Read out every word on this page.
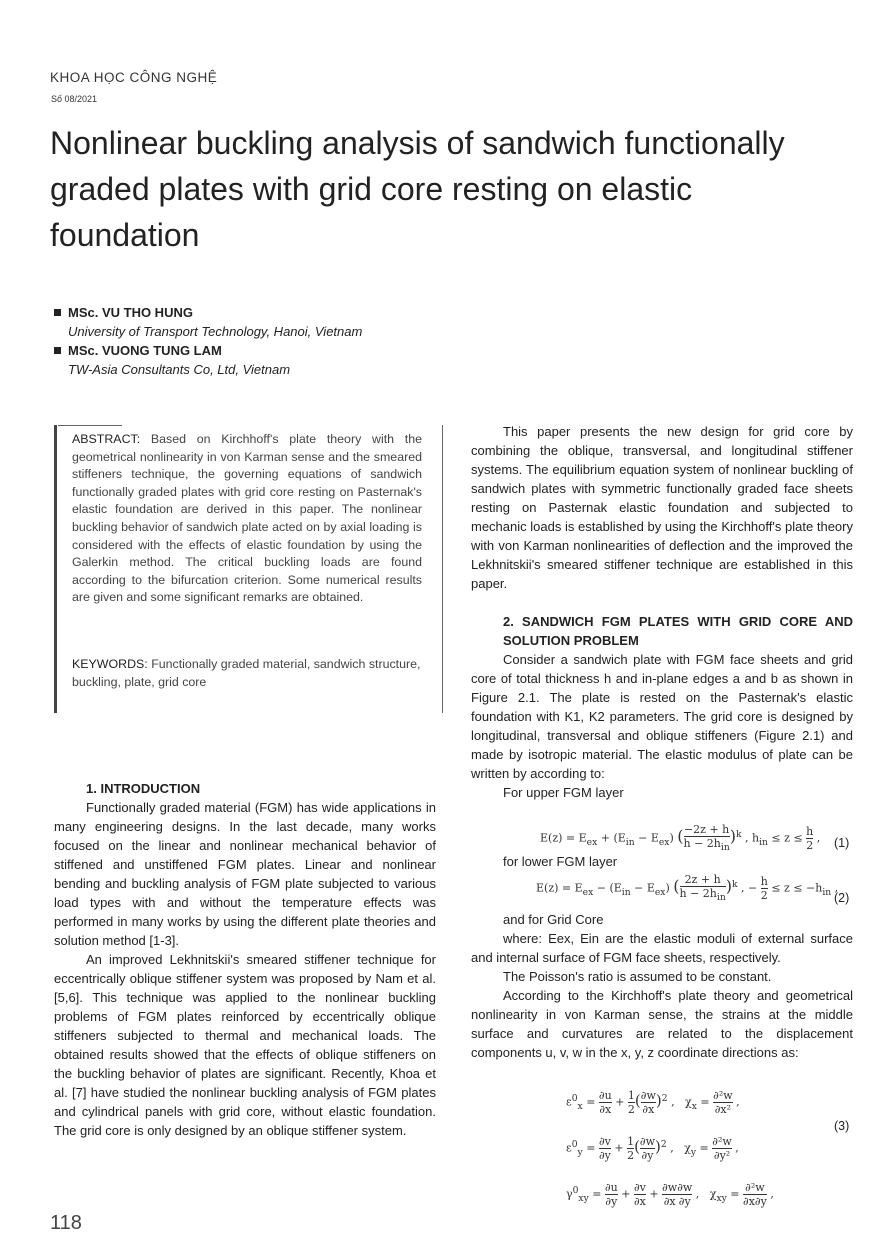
KHOA HỌC CÔNG NGHỆ
Số 08/2021
Nonlinear buckling analysis of sandwich functionally graded plates with grid core resting on elastic foundation
MSc. VU THO HUNG
University of Transport Technology, Hanoi, Vietnam
MSc. VUONG TUNG LAM
TW-Asia Consultants Co, Ltd, Vietnam
ABSTRACT: Based on Kirchhoff's plate theory with the geometrical nonlinearity in von Karman sense and the smeared stiffeners technique, the governing equations of sandwich functionally graded plates with grid core resting on Pasternak's elastic foundation are derived in this paper. The nonlinear buckling behavior of sandwich plate acted on by axial loading is considered with the effects of elastic foundation by using the Galerkin method. The critical buckling loads are found according to the bifurcation criterion. Some numerical results are given and some significant remarks are obtained.
KEYWORDS: Functionally graded material, sandwich structure, buckling, plate, grid core
1. INTRODUCTION

Functionally graded material (FGM) has wide applications in many engineering designs. In the last decade, many works focused on the linear and nonlinear mechanical behavior of stiffened and unstiffened FGM plates. Linear and nonlinear bending and buckling analysis of FGM plate subjected to various load types with and without the temperature effects was performed in many works by using the different plate theories and solution method [1-3].

An improved Lekhnitskii's smeared stiffener technique for eccentrically oblique stiffener system was proposed by Nam et al. [5,6]. This technique was applied to the nonlinear buckling problems of FGM plates reinforced by eccentrically oblique stiffeners subjected to thermal and mechanical loads. The obtained results showed that the effects of oblique stiffeners on the buckling behavior of plates are significant. Recently, Khoa et al. [7] have studied the nonlinear buckling analysis of FGM plates and cylindrical panels with grid core, without elastic foundation. The grid core is only designed by an oblique stiffener system.

This paper presents the new design for grid core by combining the oblique, transversal, and longitudinal stiffener systems. The equilibrium equation system of nonlinear buckling of sandwich plates with symmetric functionally graded face sheets resting on Pasternak elastic foundation and subjected to mechanic loads is established by using the Kirchhoff's plate theory with von Karman nonlinearities of deflection and the improved the Lekhnitskii's smeared stiffener technique are established in this paper.

2. SANDWICH FGM PLATES WITH GRID CORE AND SOLUTION PROBLEM

Consider a sandwich plate with FGM face sheets and grid core of total thickness h and in-plane edges a and b as shown in Figure 2.1. The plate is rested on the Pasternak's elastic foundation with K1, K2 parameters. The grid core is designed by longitudinal, transversal and oblique stiffeners (Figure 2.1) and made by isotropic material. The elastic modulus of plate can be written by according to:

For upper FGM layer

$E(z) = E_{ex} + (E_{in} - E_{ex})$ ( $\frac{-2z + h}{h - 2h_{in}} )^k$ , $h_{in} \le z \le \frac{h}{2}$ , (1)

for lower FGM layer

$E(z) = E_{ex} - (E_{in} - E_{ex})$ ( $\frac{2z + h}{h - 2h_{in}} )^k$ , − $\frac{h}{2} \le z \le -h_{in}$ ,
(2)

and for Grid Core

where: Eex, Ein are the elastic moduli of external surface and internal surface of FGM face sheets, respectively.

The Poisson's ratio is assumed to be constant.

According to the Kirchhoff's plate theory and geometrical nonlinearity in von Karman sense, the strains at the middle surface and curvatures are related to the displacement components u, v, w in the x, y, z coordinate directions as:

$\varepsilon^0_x = \frac{\partial u}{\partial x} + \frac{1}{2}$ ( $\frac{\partial w}{\partial x} )^2$ ,   $\chi_x = \frac{\text{∂²w}}{\text{∂x²}}$ ,
$\varepsilon^0_y = \frac{\partial v}{\partial y} + \frac{1}{2}$ ( $\frac{\partial w}{\partial y} )^2$ ,   $\chi_y = \frac{\text{∂²w}}{\text{∂y²}}$ ,
$\gamma^0_{xy} = \frac{\partial u}{\partial y} + \frac{\partial v}{\partial x} + \frac{\partial w}{\partial x} \frac{\partial w}{\partial y}$ ,   $\chi_{xy} = \frac{\text{∂²w}}{\partial x\partial y}$ ,
(3)
118
